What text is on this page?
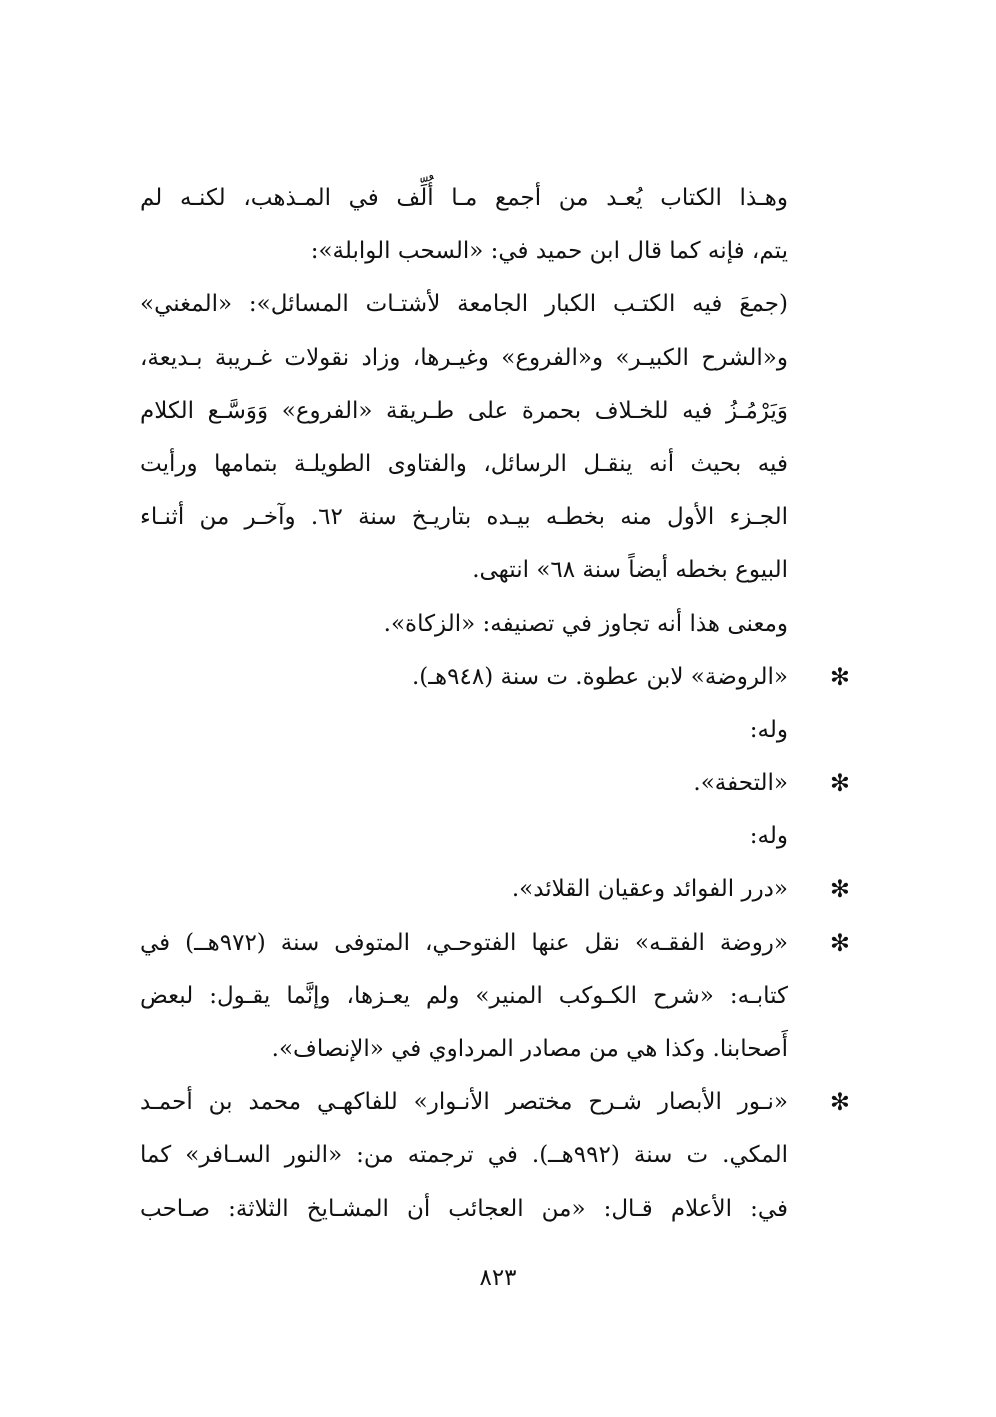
وهـذا الكتاب يُعـد من أجمع مـا أُلِّف في المـذهب، لكنـه لم
يتم، فإنه كما قال ابن حميد في: «السحب الوابلة»:
(جمعَ فيه الكتـب الكبار الجامعة لأشتـات المسائل»: «المغني»
و«الشرح الكبيـر» و«الفروع» وغيـرها، وزاد نقولات غـريبة بـديعة،
وَيَرْمُـزُ فيه للخـلاف بحمرة على طـريقة «الفروع» وَوَسَّـع الكلام
فيه بحيث أنه ينقـل الرسائل، والفتاوى الطويلـة بتمامها ورأيت
الجـزء الأول منه بخطـه بيـده بتاريـخ سنة ٦٢. وآخـر من أثنـاء
البيوع بخطه أيضاً سنة ٦٨» انتهى.
ومعنى هذا أنه تجاوز في تصنيفه: «الزكاة».
«الروضة» لابن عطوة. ت سنة (٩٤٨هـ). ✻
وله:
«التحفة». ✻
وله:
«درر الفوائد وعقيان القلائد». ✻
«روضة الفقـه» نقل عنها الفتوحـي، المتوفى سنة (٩٧٢هــ) في ✻
كتابـه: «شرح الكـوكب المنير» ولم يعـزها، وإنَّما يقـول: لبعض
أَصحابنا. وكذا هي من مصادر المرداوي في «الإنصاف».
«نـور الأبصار شـرح مختصر الأنـوار» للفاكهـي محمد بن أحمـد ✻
المكي. ت سنة (٩٩٢هــ). في ترجمته من: «النور السـافر» كما
في: الأعلام قـال: «من العجائب أن المشـايخ الثلاثة: صـاحب
٨٢٣
